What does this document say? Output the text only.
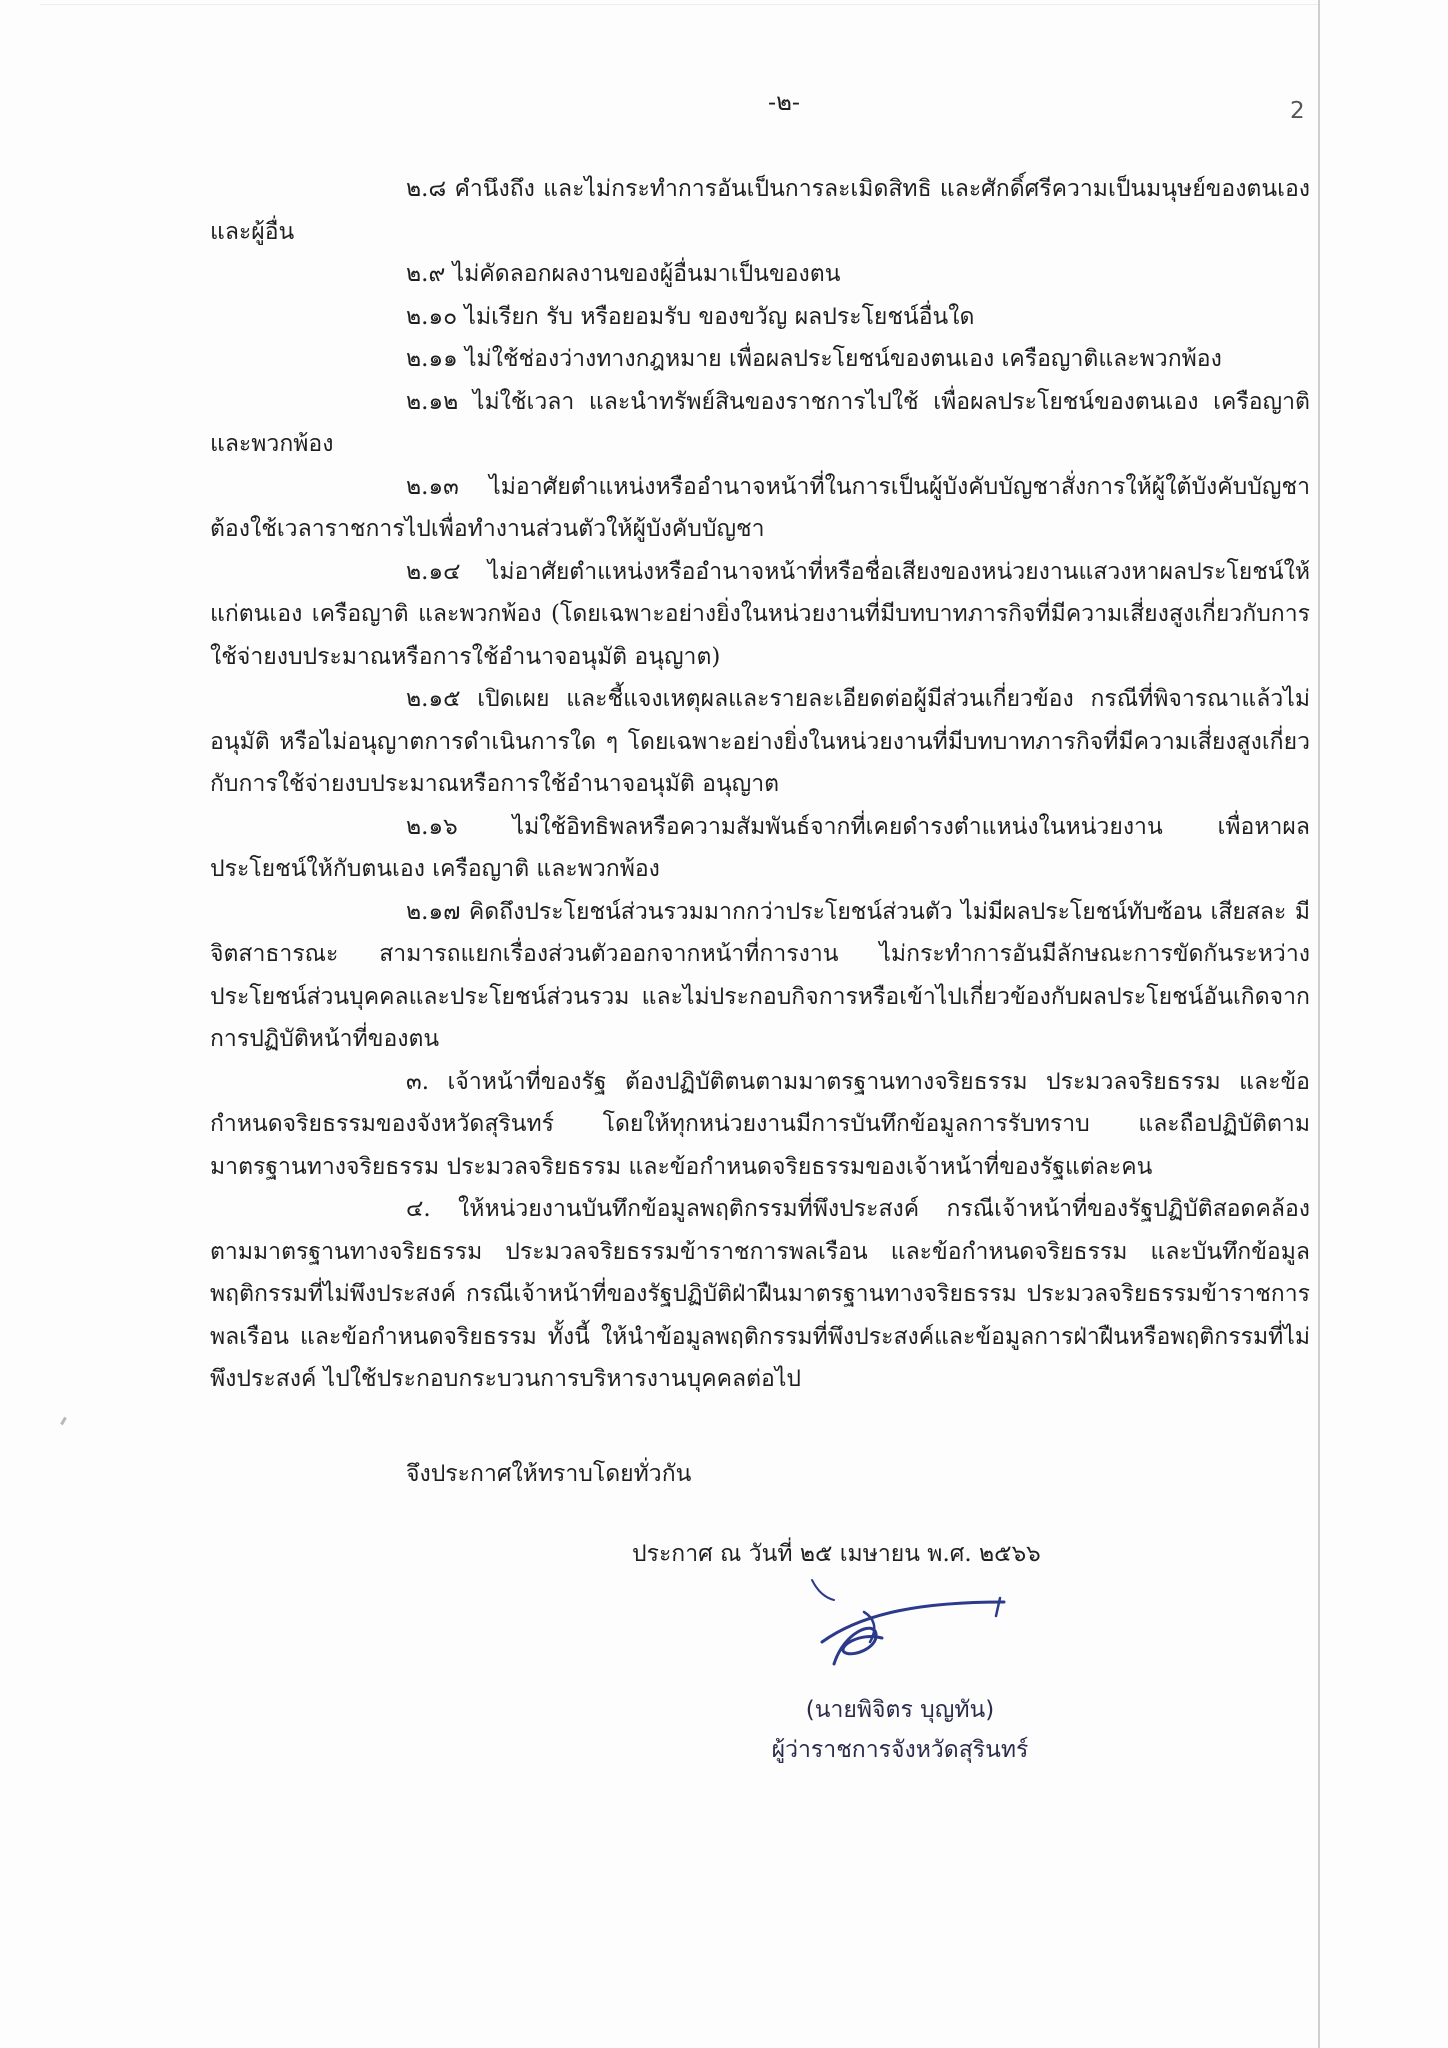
-๒-	2

๒.๘ คำนึงถึง และไม่กระทำการอันเป็นการละเมิดสิทธิ และศักดิ์ศรีความเป็นมนุษย์ของตนเอง และผู้อื่น

๒.๙ ไม่คัดลอกผลงานของผู้อื่นมาเป็นของตน

๒.๑๐ ไม่เรียก รับ หรือยอมรับ ของขวัญ ผลประโยชน์อื่นใด

๒.๑๑ ไม่ใช้ช่องว่างทางกฎหมาย เพื่อผลประโยชน์ของตนเอง เครือญาติและพวกพ้อง

๒.๑๒ ไม่ใช้เวลา และนำทรัพย์สินของราชการไปใช้ เพื่อผลประโยชน์ของตนเอง เครือญาติและพวกพ้อง

๒.๑๓ ไม่อาศัยตำแหน่งหรืออำนาจหน้าที่ในการเป็นผู้บังคับบัญชาสั่งการให้ผู้ใต้บังคับบัญชาต้องใช้เวลาราชการไปเพื่อทำงานส่วนตัวให้ผู้บังคับบัญชา

๒.๑๔ ไม่อาศัยตำแหน่งหรืออำนาจหน้าที่หรือชื่อเสียงของหน่วยงานแสวงหาผลประโยชน์ให้แก่ตนเอง เครือญาติ และพวกพ้อง (โดยเฉพาะอย่างยิ่งในหน่วยงานที่มีบทบาทภารกิจที่มีความเสี่ยงสูงเกี่ยวกับการใช้จ่ายงบประมาณหรือการใช้อำนาจอนุมัติ อนุญาต)

๒.๑๕ เปิดเผย และชี้แจงเหตุผลและรายละเอียดต่อผู้มีส่วนเกี่ยวข้อง กรณีที่พิจารณาแล้วไม่อนุมัติ หรือไม่อนุญาตการดำเนินการใด ๆ โดยเฉพาะอย่างยิ่งในหน่วยงานที่มีบทบาทภารกิจที่มีความเสี่ยงสูงเกี่ยวกับการใช้จ่ายงบประมาณหรือการใช้อำนาจอนุมัติ อนุญาต

๒.๑๖ ไม่ใช้อิทธิพลหรือความสัมพันธ์จากที่เคยดำรงตำแหน่งในหน่วยงาน เพื่อหาผลประโยชน์ให้กับตนเอง เครือญาติ และพวกพ้อง

๒.๑๗ คิดถึงประโยชน์ส่วนรวมมากกว่าประโยชน์ส่วนตัว ไม่มีผลประโยชน์ทับซ้อน เสียสละ มีจิตสาธารณะ สามารถแยกเรื่องส่วนตัวออกจากหน้าที่การงาน ไม่กระทำการอันมีลักษณะการขัดกันระหว่างประโยชน์ส่วนบุคคลและประโยชน์ส่วนรวม และไม่ประกอบกิจการหรือเข้าไปเกี่ยวข้องกับผลประโยชน์อันเกิดจากการปฏิบัติหน้าที่ของตน

๓. เจ้าหน้าที่ของรัฐ ต้องปฏิบัติตนตามมาตรฐานทางจริยธรรม ประมวลจริยธรรม และข้อกำหนดจริยธรรมของจังหวัดสุรินทร์ โดยให้ทุกหน่วยงานมีการบันทึกข้อมูลการรับทราบ และถือปฏิบัติตามมาตรฐานทางจริยธรรม ประมวลจริยธรรม และข้อกำหนดจริยธรรมของเจ้าหน้าที่ของรัฐแต่ละคน

๔. ให้หน่วยงานบันทึกข้อมูลพฤติกรรมที่พึงประสงค์ กรณีเจ้าหน้าที่ของรัฐปฏิบัติสอดคล้องตามมาตรฐานทางจริยธรรม ประมวลจริยธรรมข้าราชการพลเรือน และข้อกำหนดจริยธรรม และบันทึกข้อมูลพฤติกรรมที่ไม่พึงประสงค์ กรณีเจ้าหน้าที่ของรัฐปฏิบัติฝ่าฝืนมาตรฐานทางจริยธรรม ประมวลจริยธรรมข้าราชการพลเรือน และข้อกำหนดจริยธรรม ทั้งนี้ ให้นำข้อมูลพฤติกรรมที่พึงประสงค์และข้อมูลการฝ่าฝืนหรือพฤติกรรมที่ไม่พึงประสงค์ ไปใช้ประกอบกระบวนการบริหารงานบุคคลต่อไป

จึงประกาศให้ทราบโดยทั่วกัน
ประกาศ ณ วันที่ ๒๕ เมษายน พ.ศ. ๒๕๖๖
(นายพิจิตร บุญทัน)
ผู้ว่าราชการจังหวัดสุรินทร์
